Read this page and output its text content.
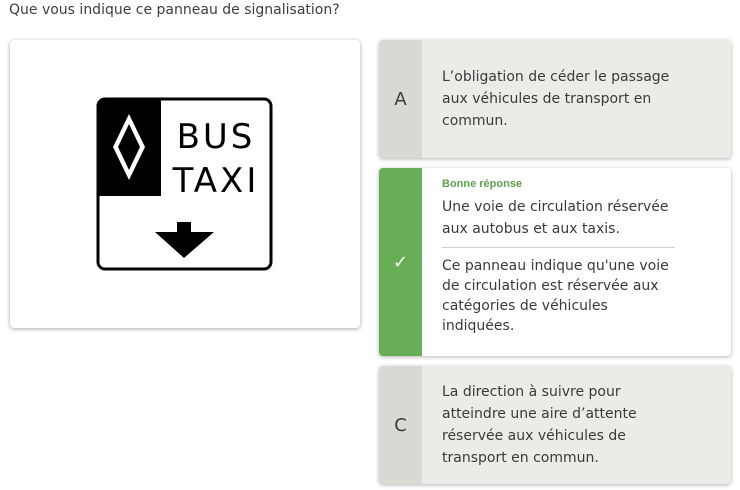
Que vous indique ce panneau de signalisation?
BUS
TAXI
A
L’obligation de céder le passage aux véhicules de transport en commun.
✓
Bonne réponse
Une voie de circulation réservée aux autobus et aux taxis.
Ce panneau indique qu'une voie de circulation est réservée aux catégories de véhicules indiquées.
C
La direction à suivre pour atteindre une aire d’attente réservée aux véhicules de transport en commun.
